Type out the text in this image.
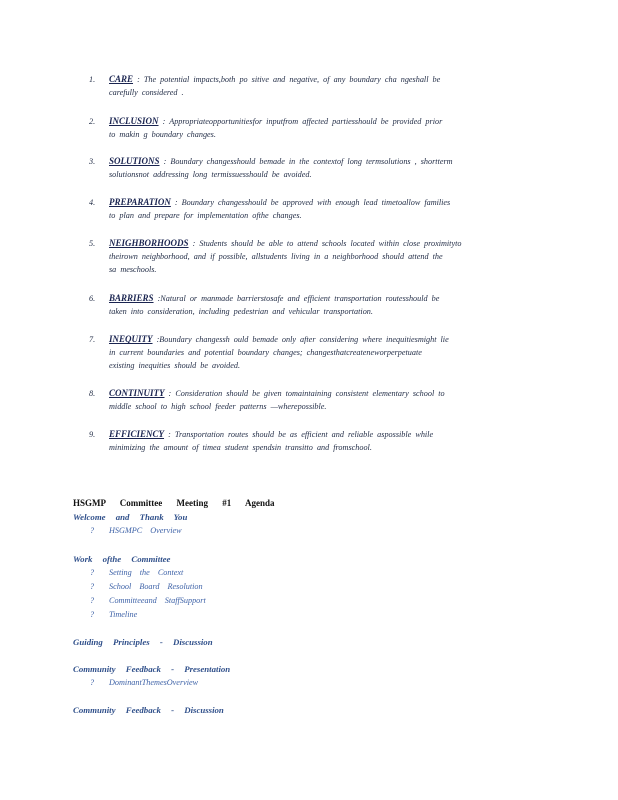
1.	CARE : The potential impacts,both po sitive and negative, of any boundary cha ngeshall be
carefully considered .
2.	INCLUSION : Appropriateopportunitiesfor inputfrom affected partiesshould be provided prior
to makin g boundary changes.
3.	SOLUTIONS : Boundary changesshould bemade in the contextof long termsolutions , shortterm
solutionsnot addressing long termissuesshould be avoided.
4.	PREPARATION : Boundary changesshould be approved with enough lead timetoallow families
to plan and prepare for implementation ofthe changes.
5.	NEIGHBORHOODS : Students should be able to attend schools located within close proximityto
theirown neighborhood, and if possible, allstudents living in a neighborhood should attend the
sa meschools.
6.	BARRIERS :Natural or manmade barrierstosafe and efficient transportation routesshould be
taken into consideration, including pedestrian and vehicular transportation.
7.	INEQUITY :Boundary changessh ould bemade only after considering where inequitiesmight lie
in current boundaries and potential boundary changes; changesthatcreateneworperpetuate
existing inequities should be avoided.
8.	CONTINUITY : Consideration should be given tomaintaining consistent elementary school to
middle school to high school feeder patterns —wherepossible.
9.	EFFICIENCY : Transportation routes should be as efficient and reliable aspossible while
minimizing the amount of timea student spendsin transitto and fromschool.
HSGMP Committee Meeting #1 Agenda
Welcome and Thank You
?	HSGMPC Overview
Work ofthe Committee
?	Setting the Context
?	School Board Resolution
?	Committeeand StaffSupport
?	Timeline
Guiding Principles - Discussion
Community Feedback - Presentation
?	DominantThemesOverview
Community Feedback - Discussion
